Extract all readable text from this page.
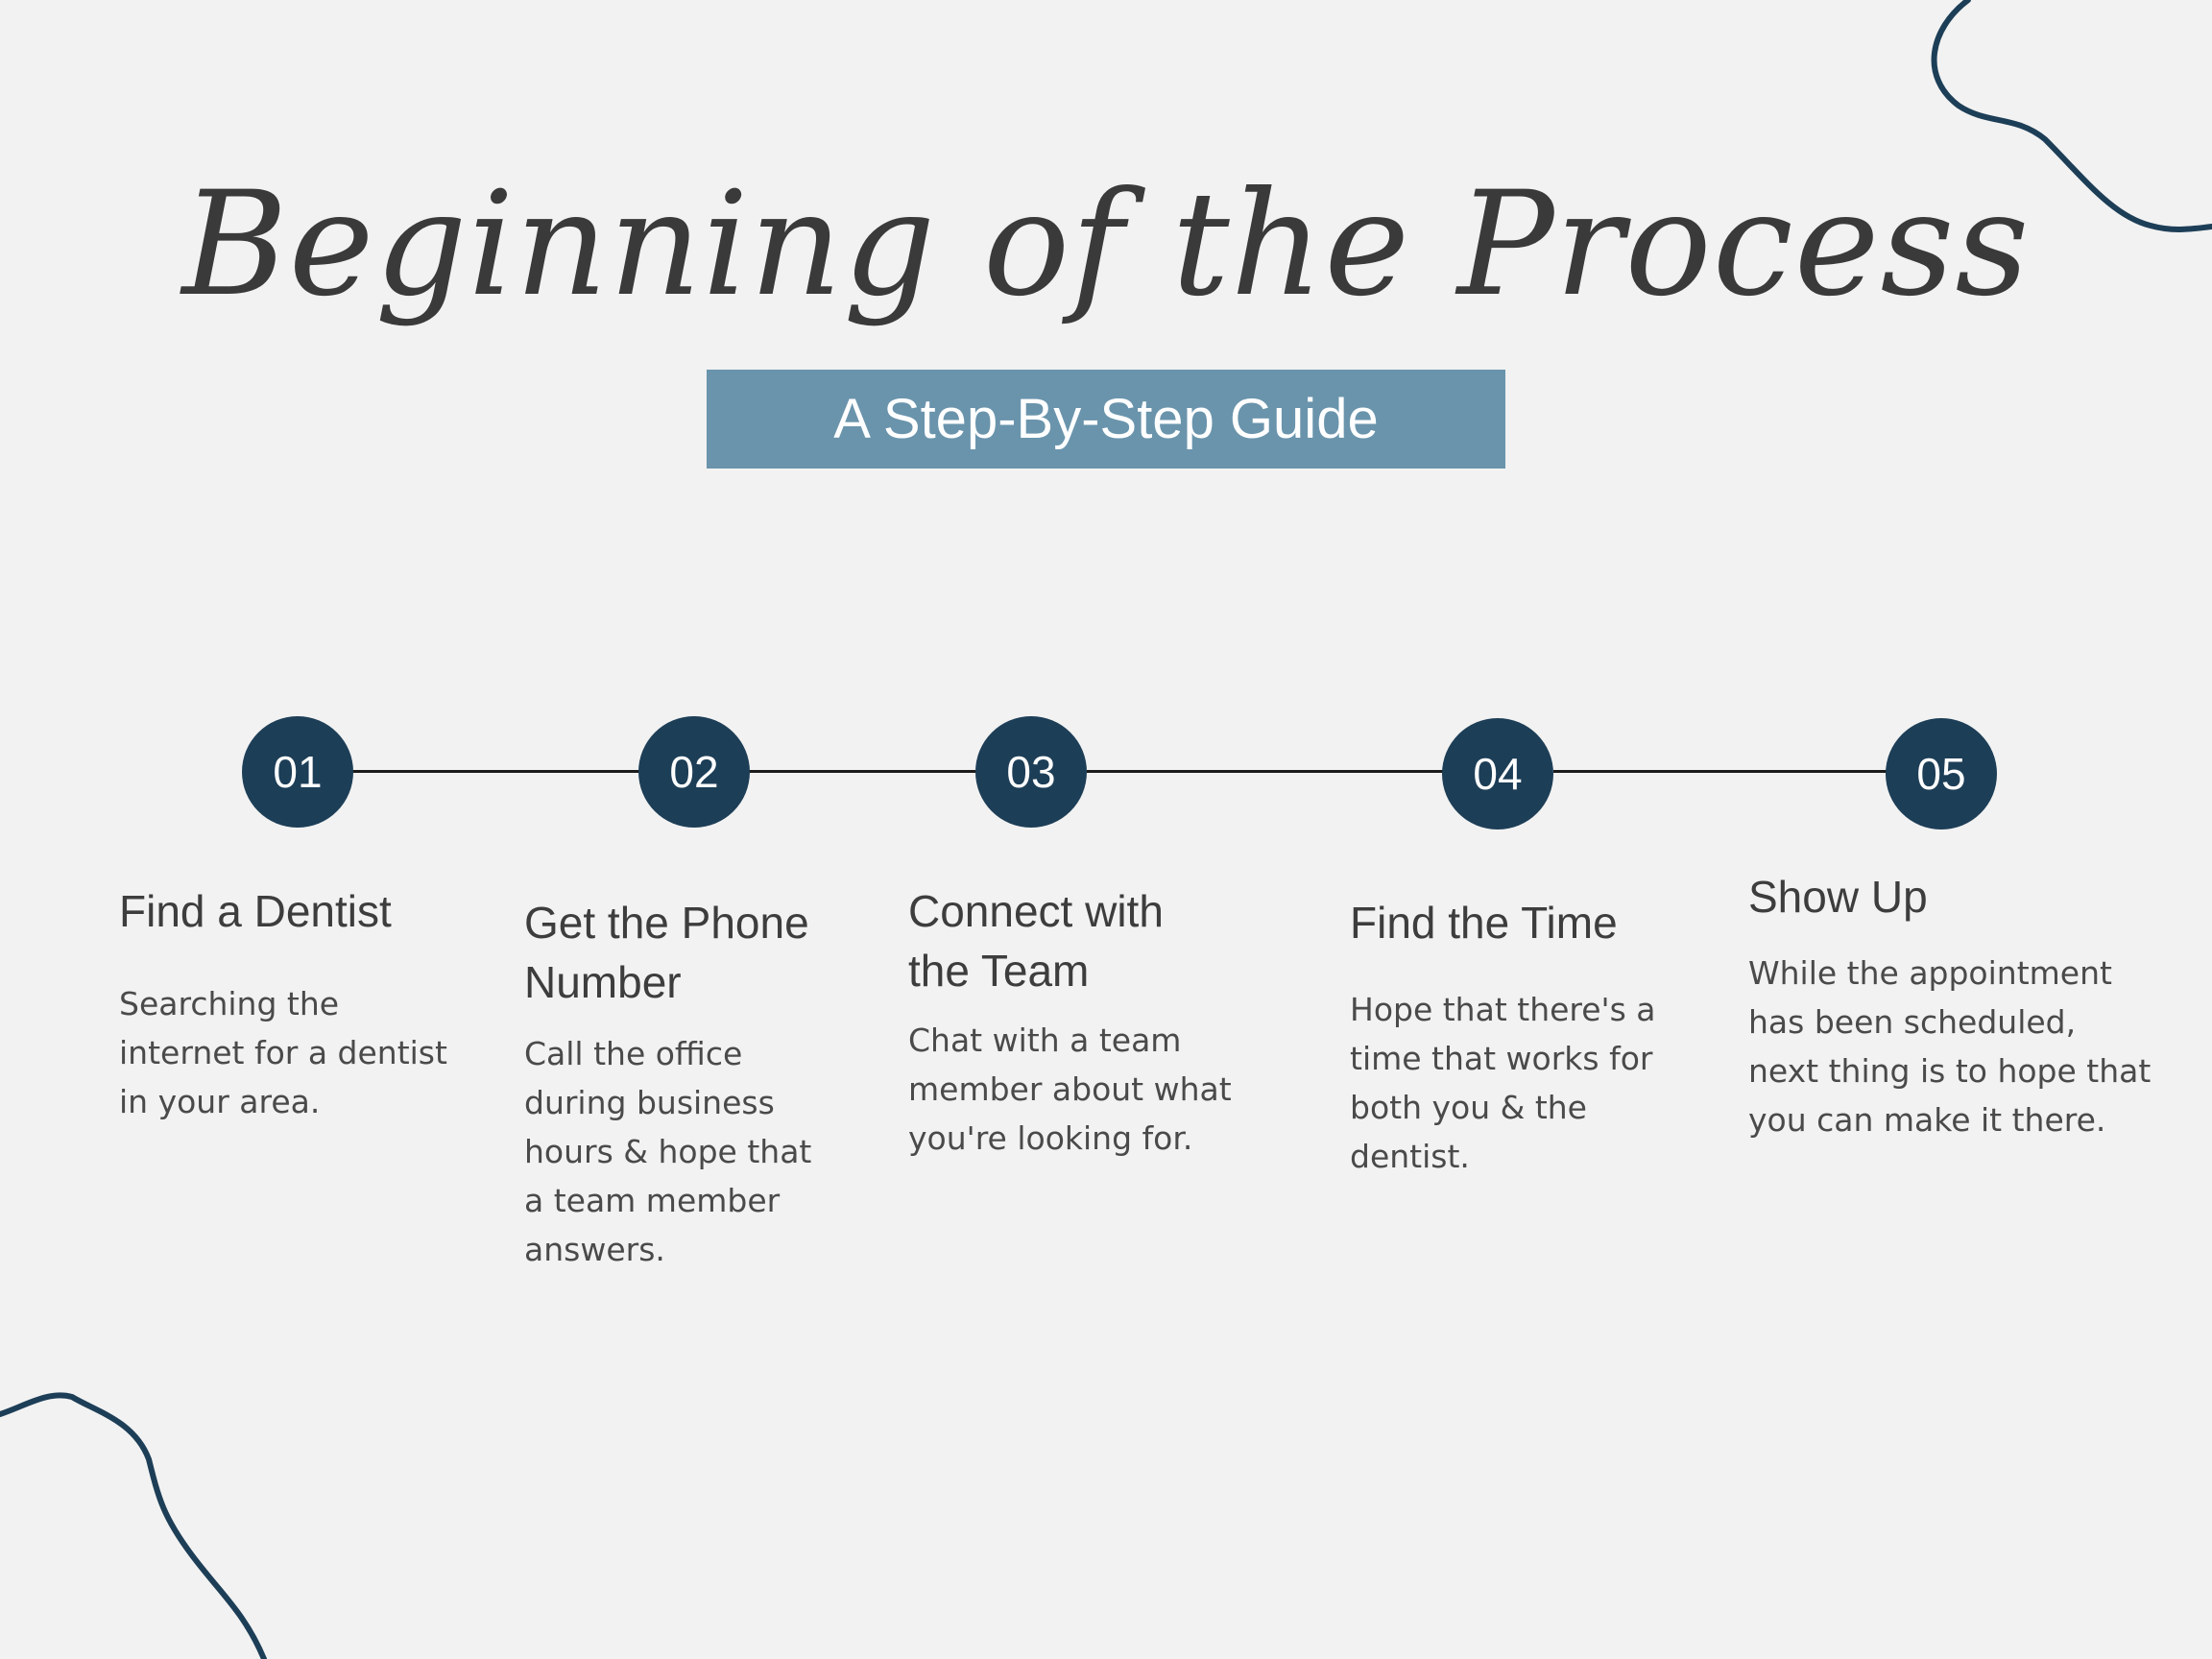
Beginning of the Process
A Step-By-Step Guide
01
Find a Dentist

Searching the internet for a dentist in your area.

02
Get the Phone Number

Call the office during business hours & hope that a team member answers.

03
Connect with the Team

Chat with a team member about what you're looking for.

04
Find the Time

Hope that there's a time that works for both you & the dentist.

05
Show Up

While the appointment has been scheduled, next thing is to hope that you can make it there.
